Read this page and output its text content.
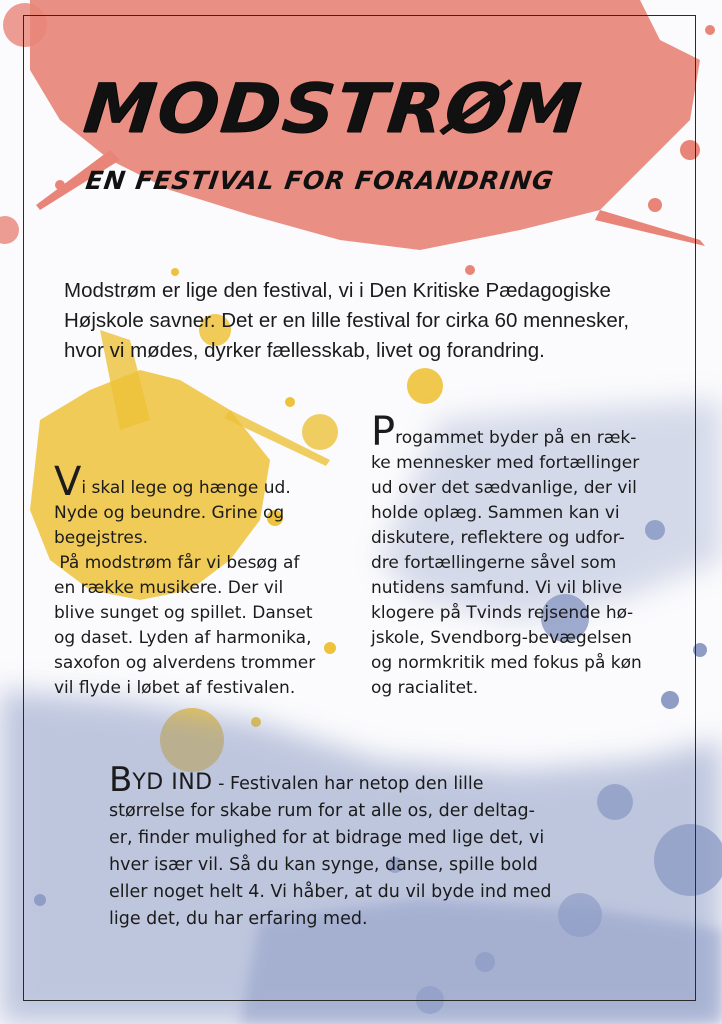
MODSTRØM
EN FESTIVAL FOR FORANDRING

Modstrøm er lige den festival, vi i Den Kritiske Pædagogiske
Højskole savner. Det er en lille festival for cirka 60 mennesker,
hvor vi mødes, dyrker fællesskab, livet og forandring.

Vi skal lege og hænge ud.
Nyde og beundre. Grine og
begejstres.
På modstrøm får vi besøg af
en række musikere. Der vil
blive sunget og spillet. Danset
og daset. Lyden af harmonika,
saxofon og alverdens trommer
vil flyde i løbet af festivalen.

Progammet byder på en ræk-
ke mennesker med fortællinger
ud over det sædvanlige, der vil
holde oplæg. Sammen kan vi
diskutere, reflektere og udfor-
dre fortællingerne såvel som
nutidens samfund. Vi vil blive
klogere på Tvinds rejsende hø-
jskole, Svendborg-bevægelsen
og normkritik med fokus på køn
og racialitet.

BYD IND - Festivalen har netop den lille
størrelse for skabe rum for at alle os, der deltag-
er, finder mulighed for at bidrage med lige det, vi
hver især vil. Så du kan synge, danse, spille bold
eller noget helt 4. Vi håber, at du vil byde ind med
lige det, du har erfaring med.
